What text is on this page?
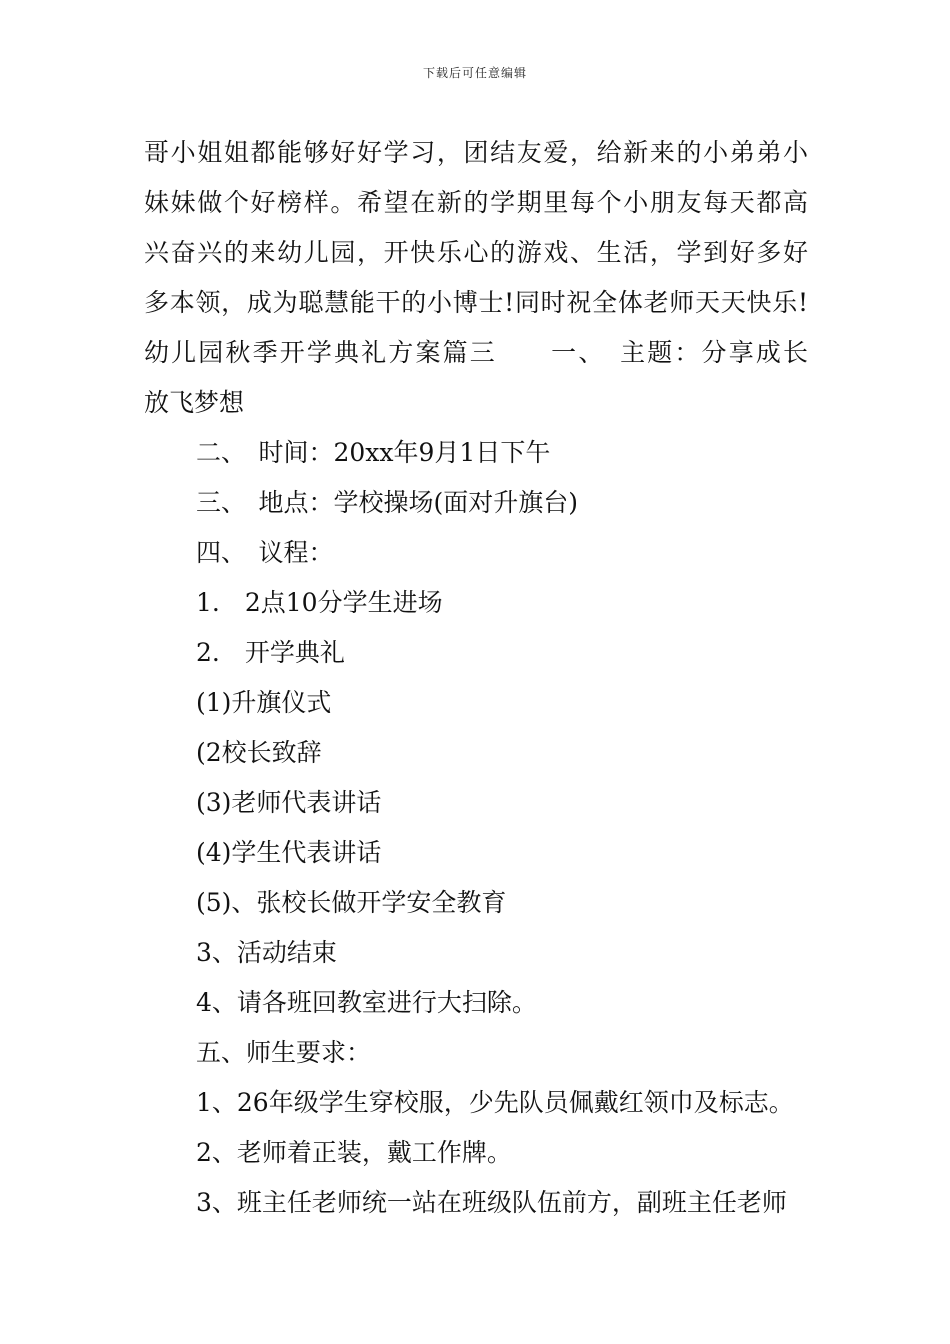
下载后可任意编辑
哥小姐姐都能够好好学习，团结友爱，给新来的小弟弟小
妹妹做个好榜样。希望在新的学期里每个小朋友每天都高
兴奋兴的来幼儿园，开快乐心的游戏、生活，学到好多好
多本领，成为聪慧能干的小博士!同时祝全体老师天天快乐!
幼儿园秋季开学典礼方案篇三　　一、　主题：分享成长
放飞梦想
二、　时间：20xx年9月1日下午
三、　地点：学校操场(面对升旗台)
四、　议程：
1.　2点10分学生进场
2.　开学典礼
(1)升旗仪式
(2校长致辞
(3)老师代表讲话
(4)学生代表讲话
(5)、张校长做开学安全教育
3、活动结束
4、请各班回教室进行大扫除。
五、师生要求：
1、26年级学生穿校服，少先队员佩戴红领巾及标志。
2、老师着正装，戴工作牌。
3、班主任老师统一站在班级队伍前方，副班主任老师
